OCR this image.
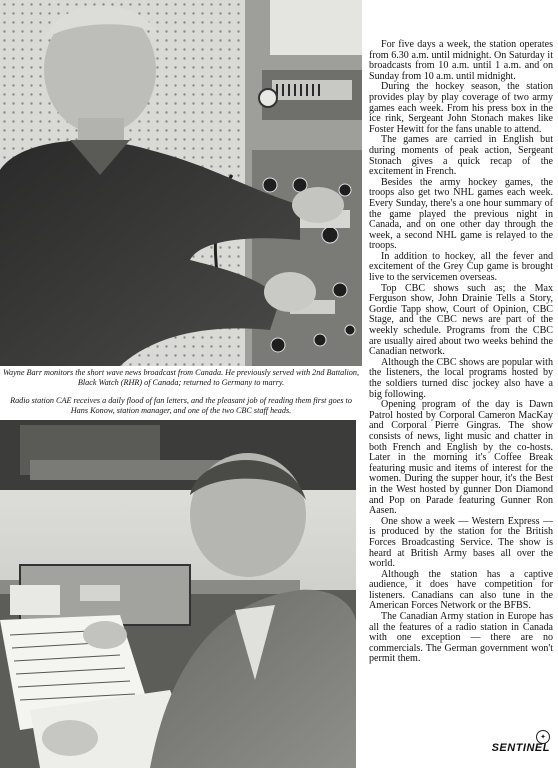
Wayne Barr monitors the short wave news broadcast from Canada. He previously served with 2nd Battalion, Black Watch (RHR) of Canada; returned to Germany to marry.
Radio station CAE receives a daily flood of fan letters, and the pleasant job of reading them first goes to Hans Konow, station manager, and one of the two CBC staff heads.

For five days a week, the station operates from 6.30 a.m. until midnight. On Saturday it broadcasts from 10 a.m. until 1 a.m. and on Sunday from 10 a.m. until midnight.

During the hockey season, the station provides play by play coverage of two army games each week. From his press box in the ice rink, Sergeant John Stonach makes like Foster Hewitt for the fans unable to attend.

The games are carried in English but during moments of peak action, Sergeant Stonach gives a quick recap of the excitement in French.

Besides the army hockey games, the troops also get two NHL games each week. Every Sunday, there's a one hour summary of the game played the previous night in Canada, and on one other day through the week, a second NHL game is relayed to the troops.

In addition to hockey, all the fever and excitement of the Grey Cup game is brought live to the servicemen overseas.

Top CBC shows such as; the Max Ferguson show, John Drainie Tells a Story, Gordie Tapp show, Court of Opinion, CBC Stage, and the CBC news are part of the weekly schedule. Programs from the CBC are usually aired about two weeks behind the Canadian network.

Although the CBC shows are popular with the listeners, the local programs hosted by the soldiers turned disc jockey also have a big following.

Opening program of the day is Dawn Patrol hosted by Corporal Cameron MacKay and Corporal Pierre Gingras. The show consists of news, light music and chatter in both French and English by the co-hosts. Later in the morning it's Coffee Break featuring music and items of interest for the women. During the supper hour, it's the Best in the West hosted by gunner Don Diamond and Pop on Parade featuring Gunner Ron Aasen.

One show a week — Western Express — is produced by the station for the British Forces Broadcasting Service. The show is heard at British Army bases all over the world.

Although the station has a captive audience, it does have competition for listeners. Canadians can also tune in the American Forces Network or the BFBS.

The Canadian Army station in Europe has all the features of a radio station in Canada with one exception — there are no commercials. The German government won't permit them.

✦
SENTINEL
